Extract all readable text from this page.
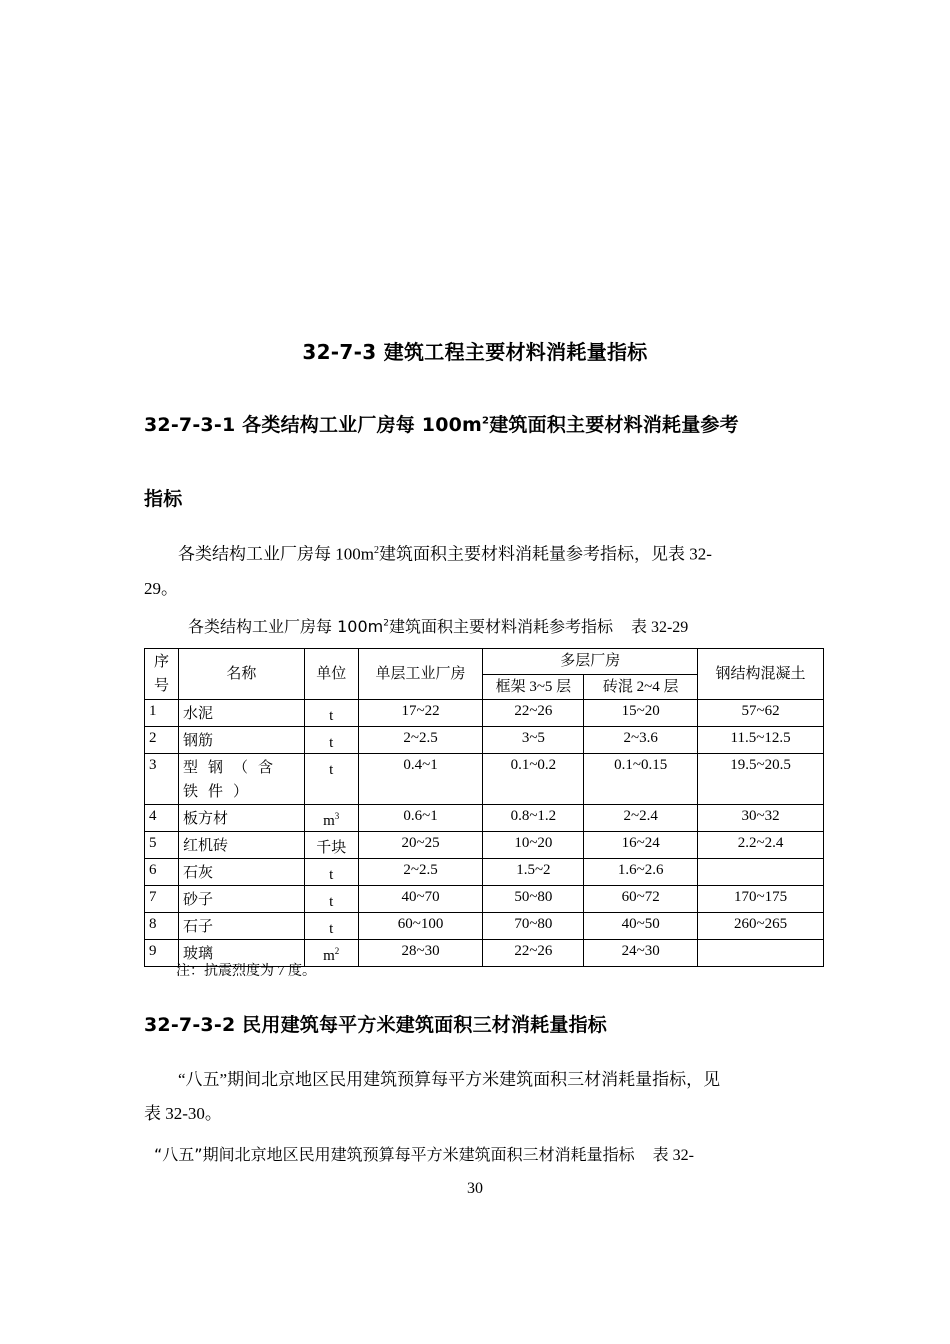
32-7-3 建筑工程主要材料消耗量指标
32-7-3-1 各类结构工业厂房每 $100m^2$建筑面积主要材料消耗量参考
指标
各类结构工业厂房每 $100m^2$建筑面积主要材料消耗量参考指标，见表 32-
29。
各类结构工业厂房每 $100m^2$建筑面积主要材料消耗参考指标 表 32-29
序号	名称	单位	单层工业厂房	多层厂房		钢结构混凝土
				框架 3~5 层	砖混 2~4 层	
1	水泥	t	17~22	22~26	15~20	57~62
2	钢筋	t	2~2.5	3~5	2~3.6	11.5~12.5
3	型钢（含铁件）	t	0.4~1	0.1~0.2	0.1~0.15	19.5~20.5
4	板方材	$m^3$	0.6~1	0.8~1.2	2~2.4	30~32
5	红机砖	千块	20~25	10~20	16~24	2.2~2.4
6	石灰	t	2~2.5	1.5~2	1.6~2.6	
7	砂子	t	40~70	50~80	60~72	170~175
8	石子	t	60~100	70~80	40~50	260~265
9	玻璃	$m^2$	28~30	22~26	24~30	
注：抗震烈度为 7 度。
32-7-3-2 民用建筑每平方米建筑面积三材消耗量指标
“八五”期间北京地区民用建筑预算每平方米建筑面积三材消耗量指标，见
表 32-30。
“八五”期间北京地区民用建筑预算每平方米建筑面积三材消耗量指标 表 32-
30
